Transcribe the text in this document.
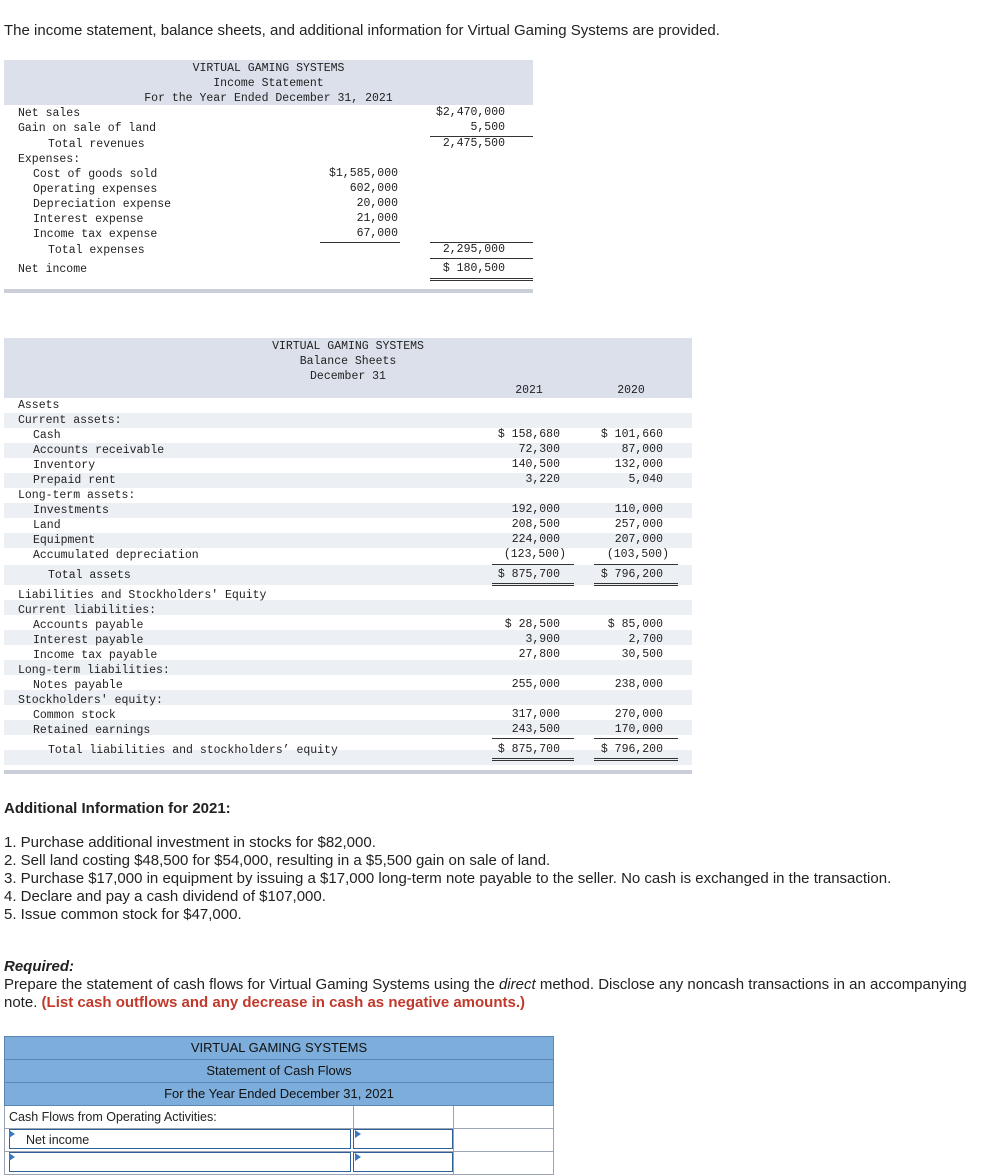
The income statement, balance sheets, and additional information for Virtual Gaming Systems are provided.
VIRTUAL GAMING SYSTEMS
Income Statement
For the Year Ended December 31, 2021
Net sales	$2,470,000
Gain on sale of land	5,500
Total revenues	2,475,500
Expenses:
Cost of goods sold	$1,585,000
Operating expenses	602,000
Depreciation expense	20,000
Interest expense	21,000
Income tax expense	67,000
Total expenses	2,295,000
Net income	$ 180,500
VIRTUAL GAMING SYSTEMS
Balance Sheets
December 31
2021	2020
Assets
Current assets:
Cash	$ 158,680	$ 101,660
Accounts receivable	72,300	87,000
Inventory	140,500	132,000
Prepaid rent	3,220	5,040
Long-term assets:
Investments	192,000	110,000
Land	208,500	257,000
Equipment	224,000	207,000
Accumulated depreciation	(123,500)	(103,500)
Total assets	$ 875,700	$ 796,200
Liabilities and Stockholders' Equity
Current liabilities:
Accounts payable	$ 28,500	$ 85,000
Interest payable	3,900	2,700
Income tax payable	27,800	30,500
Long-term liabilities:
Notes payable	255,000	238,000
Stockholders' equity:
Common stock	317,000	270,000
Retained earnings	243,500	170,000
Total liabilities and stockholders’ equity	$ 875,700	$ 796,200
Additional Information for 2021:
1. Purchase additional investment in stocks for $82,000.
2. Sell land costing $48,500 for $54,000, resulting in a $5,500 gain on sale of land.
3. Purchase $17,000 in equipment by issuing a $17,000 long-term note payable to the seller. No cash is exchanged in the transaction.
4. Declare and pay a cash dividend of $107,000.
5. Issue common stock for $47,000.
Required:
Prepare the statement of cash flows for Virtual Gaming Systems using the direct method. Disclose any noncash transactions in an accompanying note. (List cash outflows and any decrease in cash as negative amounts.)
VIRTUAL GAMING SYSTEMS
Statement of Cash Flows
For the Year Ended December 31, 2021
Cash Flows from Operating Activities:
Net income
